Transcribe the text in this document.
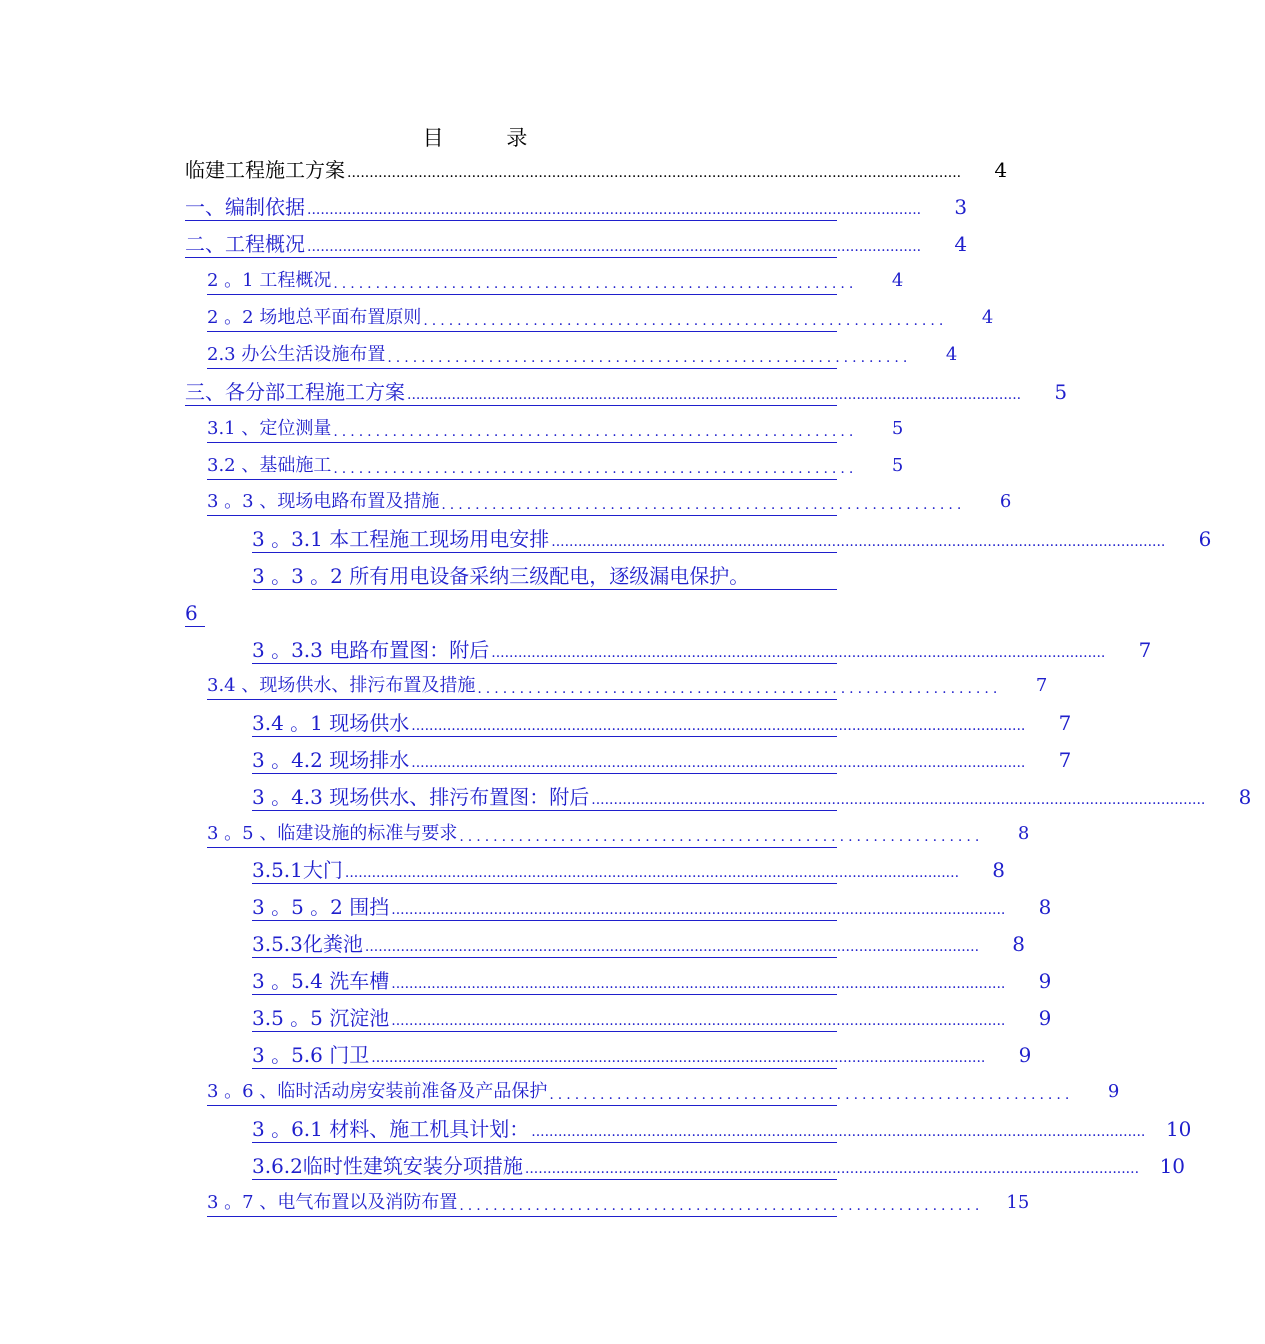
目	录
临建工程施工方案 ..........................................................................................................................................	4
一、编制依据 ..........................................................................................................................................	3
二、工程概况 ..........................................................................................................................................	4
2 。1 工程概况 ..............................................................	4
2 。2 场地总平面布置原则 ..............................................................	4
2.3 办公生活设施布置 ..............................................................	4
三、各分部工程施工方案 ..........................................................................................................................................	5
3.1 、定位测量 ..............................................................	5
3.2 、基础施工 ..............................................................	5
3 。3 、现场电路布置及措施 ..............................................................	6
3 。3.1 本工程施工现场用电安排 ..........................................................................................................................................	6
3 。3 。2 所有用电设备采纳三级配电，逐级漏电保护。
6
3 。3.3 电路布置图：附后 ..........................................................................................................................................	7
3.4 、现场供水、排污布置及措施 ..............................................................	7
3.4 。1 现场供水 ..........................................................................................................................................	7
3 。4.2 现场排水 ..........................................................................................................................................	7
3 。4.3 现场供水、排污布置图：附后 ..........................................................................................................................................	8
3 。5 、临建设施的标准与要求 ..............................................................	8
3.5.1大门 ..........................................................................................................................................	8
3 。5 。2 围挡 ..........................................................................................................................................	8
3.5.3化粪池 ..........................................................................................................................................	8
3 。5.4 洗车槽 ..........................................................................................................................................	9
3.5 。5 沉淀池 ..........................................................................................................................................	9
3 。5.6 门卫 ..........................................................................................................................................	9
3 。6 、临时活动房安装前准备及产品保护 ..............................................................	9
3 。6.1 材料、施工机具计划： ..........................................................................................................................................	10
3.6.2临时性建筑安装分项措施 ..........................................................................................................................................	10
3 。7 、电气布置以及消防布置 ..............................................................	15
